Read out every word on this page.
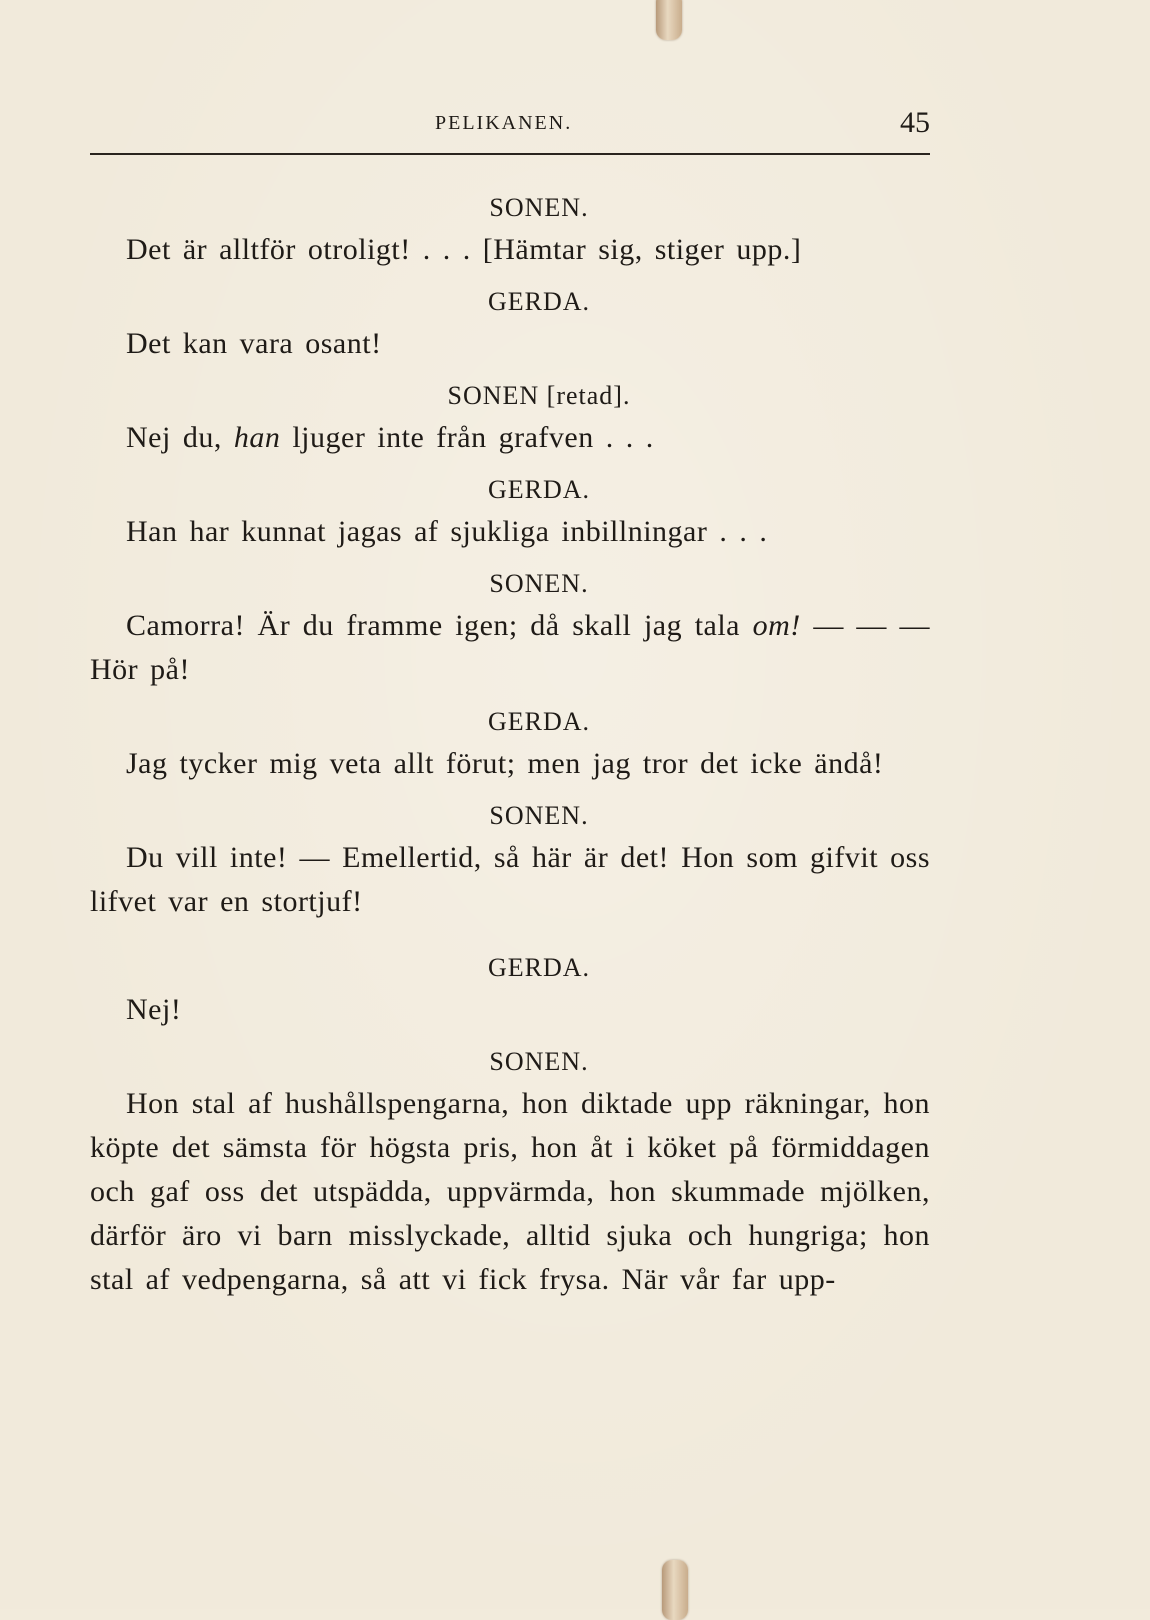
PELIKANEN.	45
SONEN.

Det är alltför otroligt! . . . [Hämtar sig, stiger upp.]

GERDA.

Det kan vara osant!

SONEN [retad].

Nej du, han ljuger inte från grafven . . .

GERDA.

Han har kunnat jagas af sjukliga inbillningar . . .

SONEN.

Camorra! Är du framme igen; då skall jag tala om! — — — Hör på!

GERDA.

Jag tycker mig veta allt förut; men jag tror det icke ändå!

SONEN.

Du vill inte! — Emellertid, så här är det! Hon som gifvit oss lifvet var en stortjuf!

GERDA.

Nej!

SONEN.

Hon stal af hushållspengarna, hon diktade upp räkningar, hon köpte det sämsta för högsta pris, hon åt i köket på förmiddagen och gaf oss det utspädda, uppvärmda, hon skummade mjölken, därför äro vi barn misslyckade, alltid sjuka och hungriga; hon stal af vedpengarna, så att vi fick frysa. När vår far upp-
